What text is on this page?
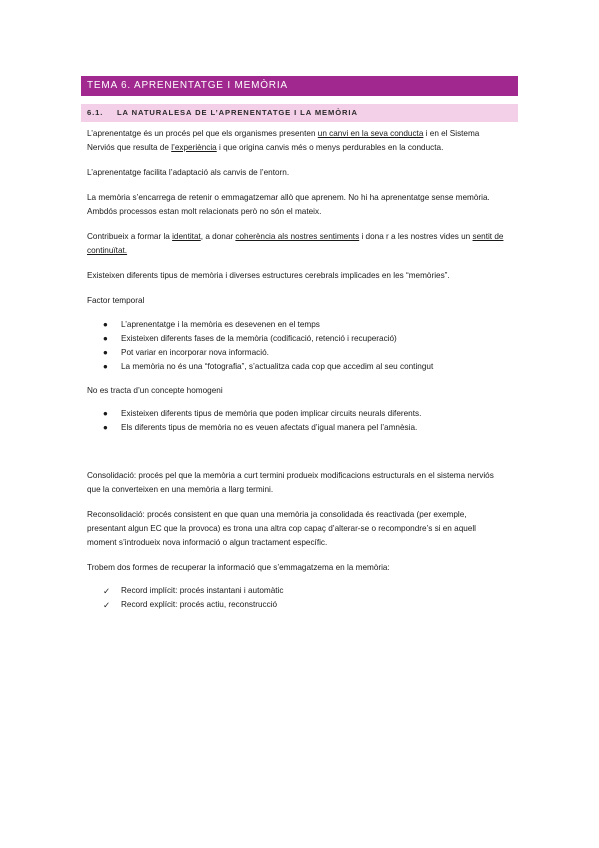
TEMA 6. APRENENTATGE I MEMÒRIA
6.1. LA NATURALESA DE L’APRENENTATGE I LA MEMÒRIA

L’aprenentatge és un procés pel que els organismes presenten un canvi en la seva conducta i en el Sistema Nerviós que resulta de l’experiència i que origina canvis més o menys perdurables en la conducta.

L’aprenentatge facilita l’adaptació als canvis de l’entorn.

La memòria s’encarrega de retenir o emmagatzemar allò que aprenem. No hi ha aprenentatge sense memòria. Ambdós processos estan molt relacionats però no són el mateix.

Contribueix a formar la identitat, a donar coherència als nostres sentiments i dona r a les nostres vides un sentit de continuïtat.

Existeixen diferents tipus de memòria i diverses estructures cerebrals implicades en les “memòries”.

Factor temporal

● L’aprenentatge i la memòria es desevenen en el temps
● Existeixen diferents fases de la memòria (codificació, retenció i recuperació)
● Pot variar en incorporar nova informació.
● La memòria no és una “fotografia”, s’actualitza cada cop que accedim al seu contingut

No es tracta d’un concepte homogeni

● Existeixen diferents tipus de memòria que poden implicar circuits neurals diferents.
● Els diferents tipus de memòria no es veuen afectats d’igual manera pel l’amnèsia.

Consolidació: procés pel que la memòria a curt termini produeix modificacions estructurals en el sistema nerviós que la converteixen en una memòria a llarg termini.

Reconsolidació: procés consistent en que quan una memòria ja consolidada és reactivada (per exemple, presentant algun EC que la provoca) es trona una altra cop capaç d’alterar-se o recompondre’s si en aquell moment s’introdueix nova informació o algun tractament específic.

Trobem dos formes de recuperar la informació que s’emmagatzema en la memòria:

✓ Record implícit: procés instantani i automàtic
✓ Record explícit: procés actiu, reconstrucció
